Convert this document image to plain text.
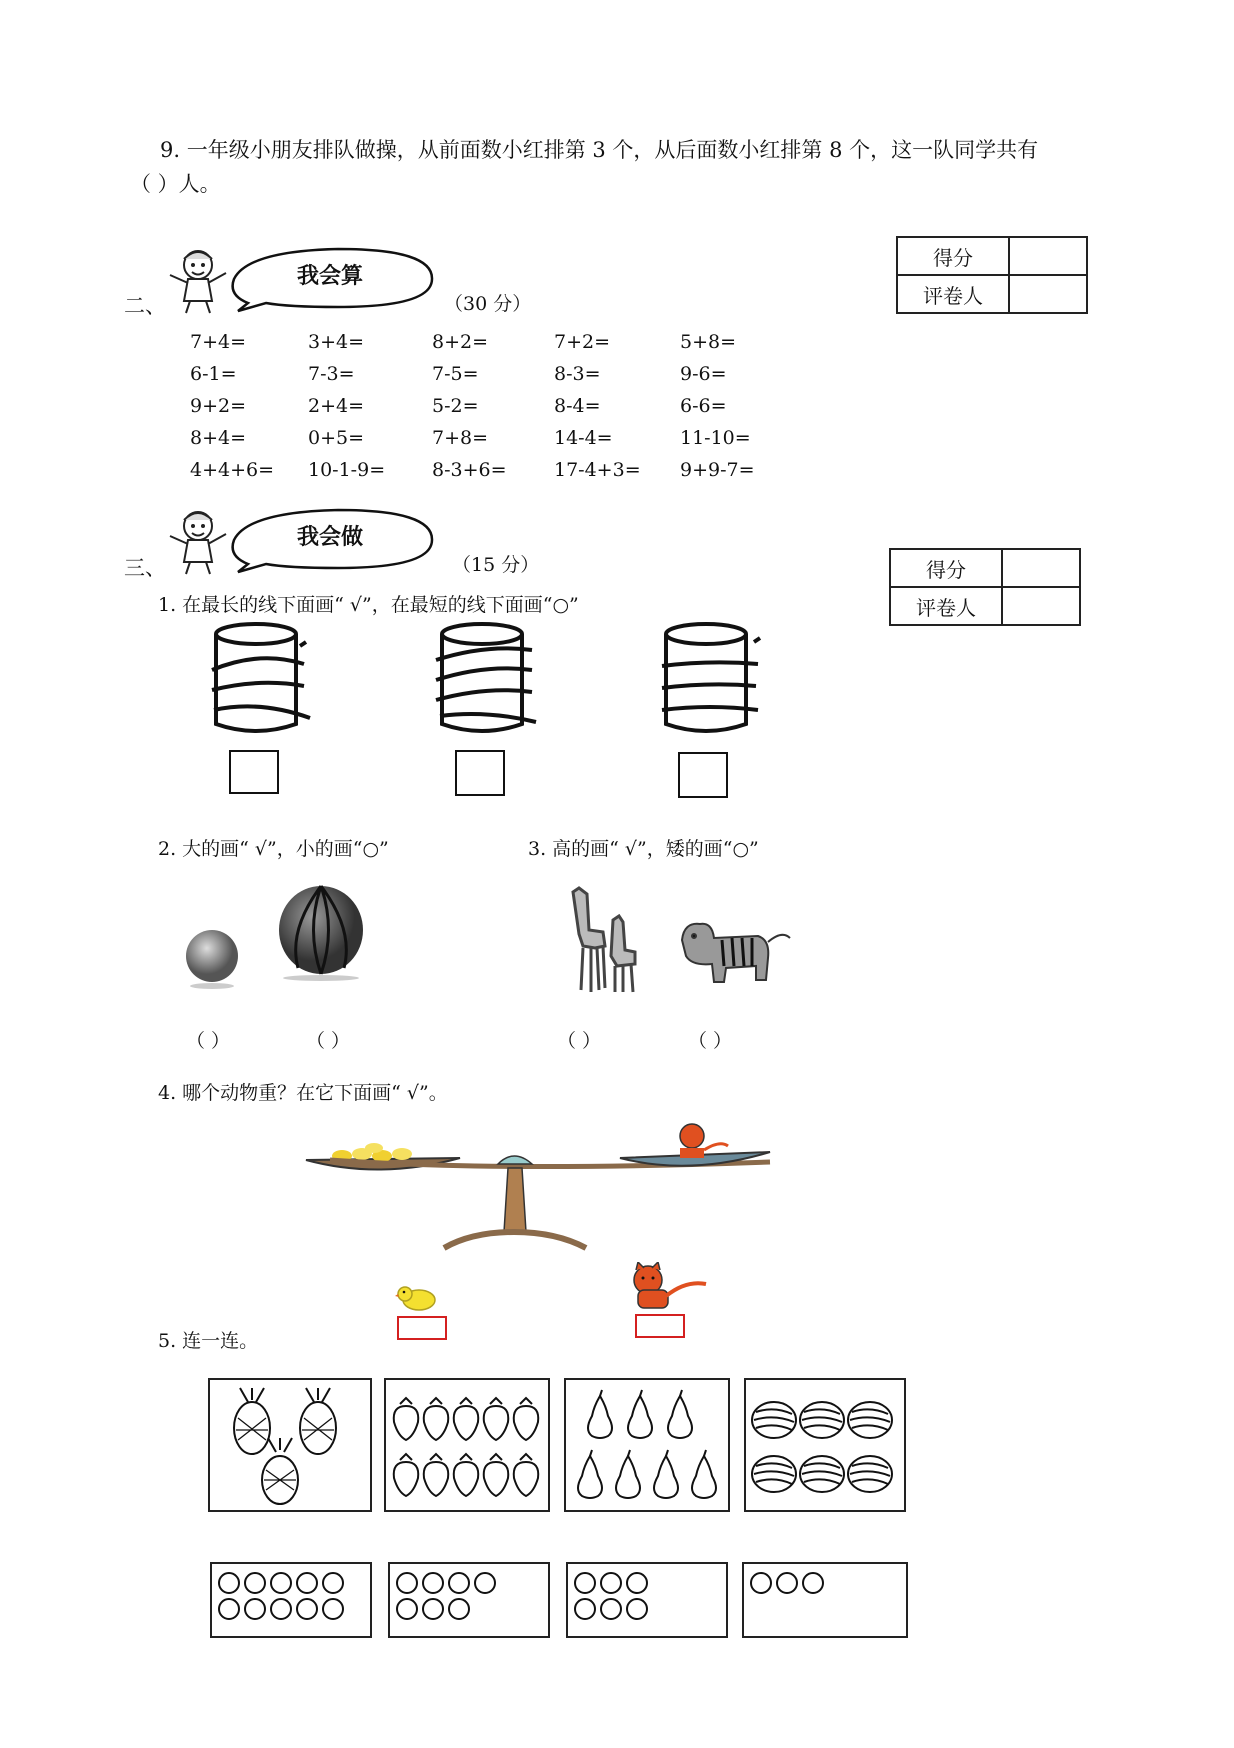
9. 一年级小朋友排队做操，从前面数小红排第 3 个，从后面数小红排第 8 个，这一队同学共有
（ ）人。
二、
我会算
（30 分）
得分	
评卷人	
7+4=	3+4=	8+2=	7+2=	5+8=
6-1=	7-3=	7-5=	8-3=	9-6=
9+2=	2+4=	5-2=	8-4=	6-6=
8+4=	0+5=	7+8=	14-4=	11-10=
4+4+6=	10-1-9=	8-3+6=	17-4+3=	9+9-7=
三、
我会做
（15 分）	得分	
评卷人	
1. 在最长的线下面画“ √”，在最短的线下面画“○”
2. 大的画“ √”，小的画“○”	3. 高的画“ √”，矮的画“○”
（ ）	（ ）	（ ）	（ ）
4. 哪个动物重？在它下面画“ √”。
5. 连一连。
